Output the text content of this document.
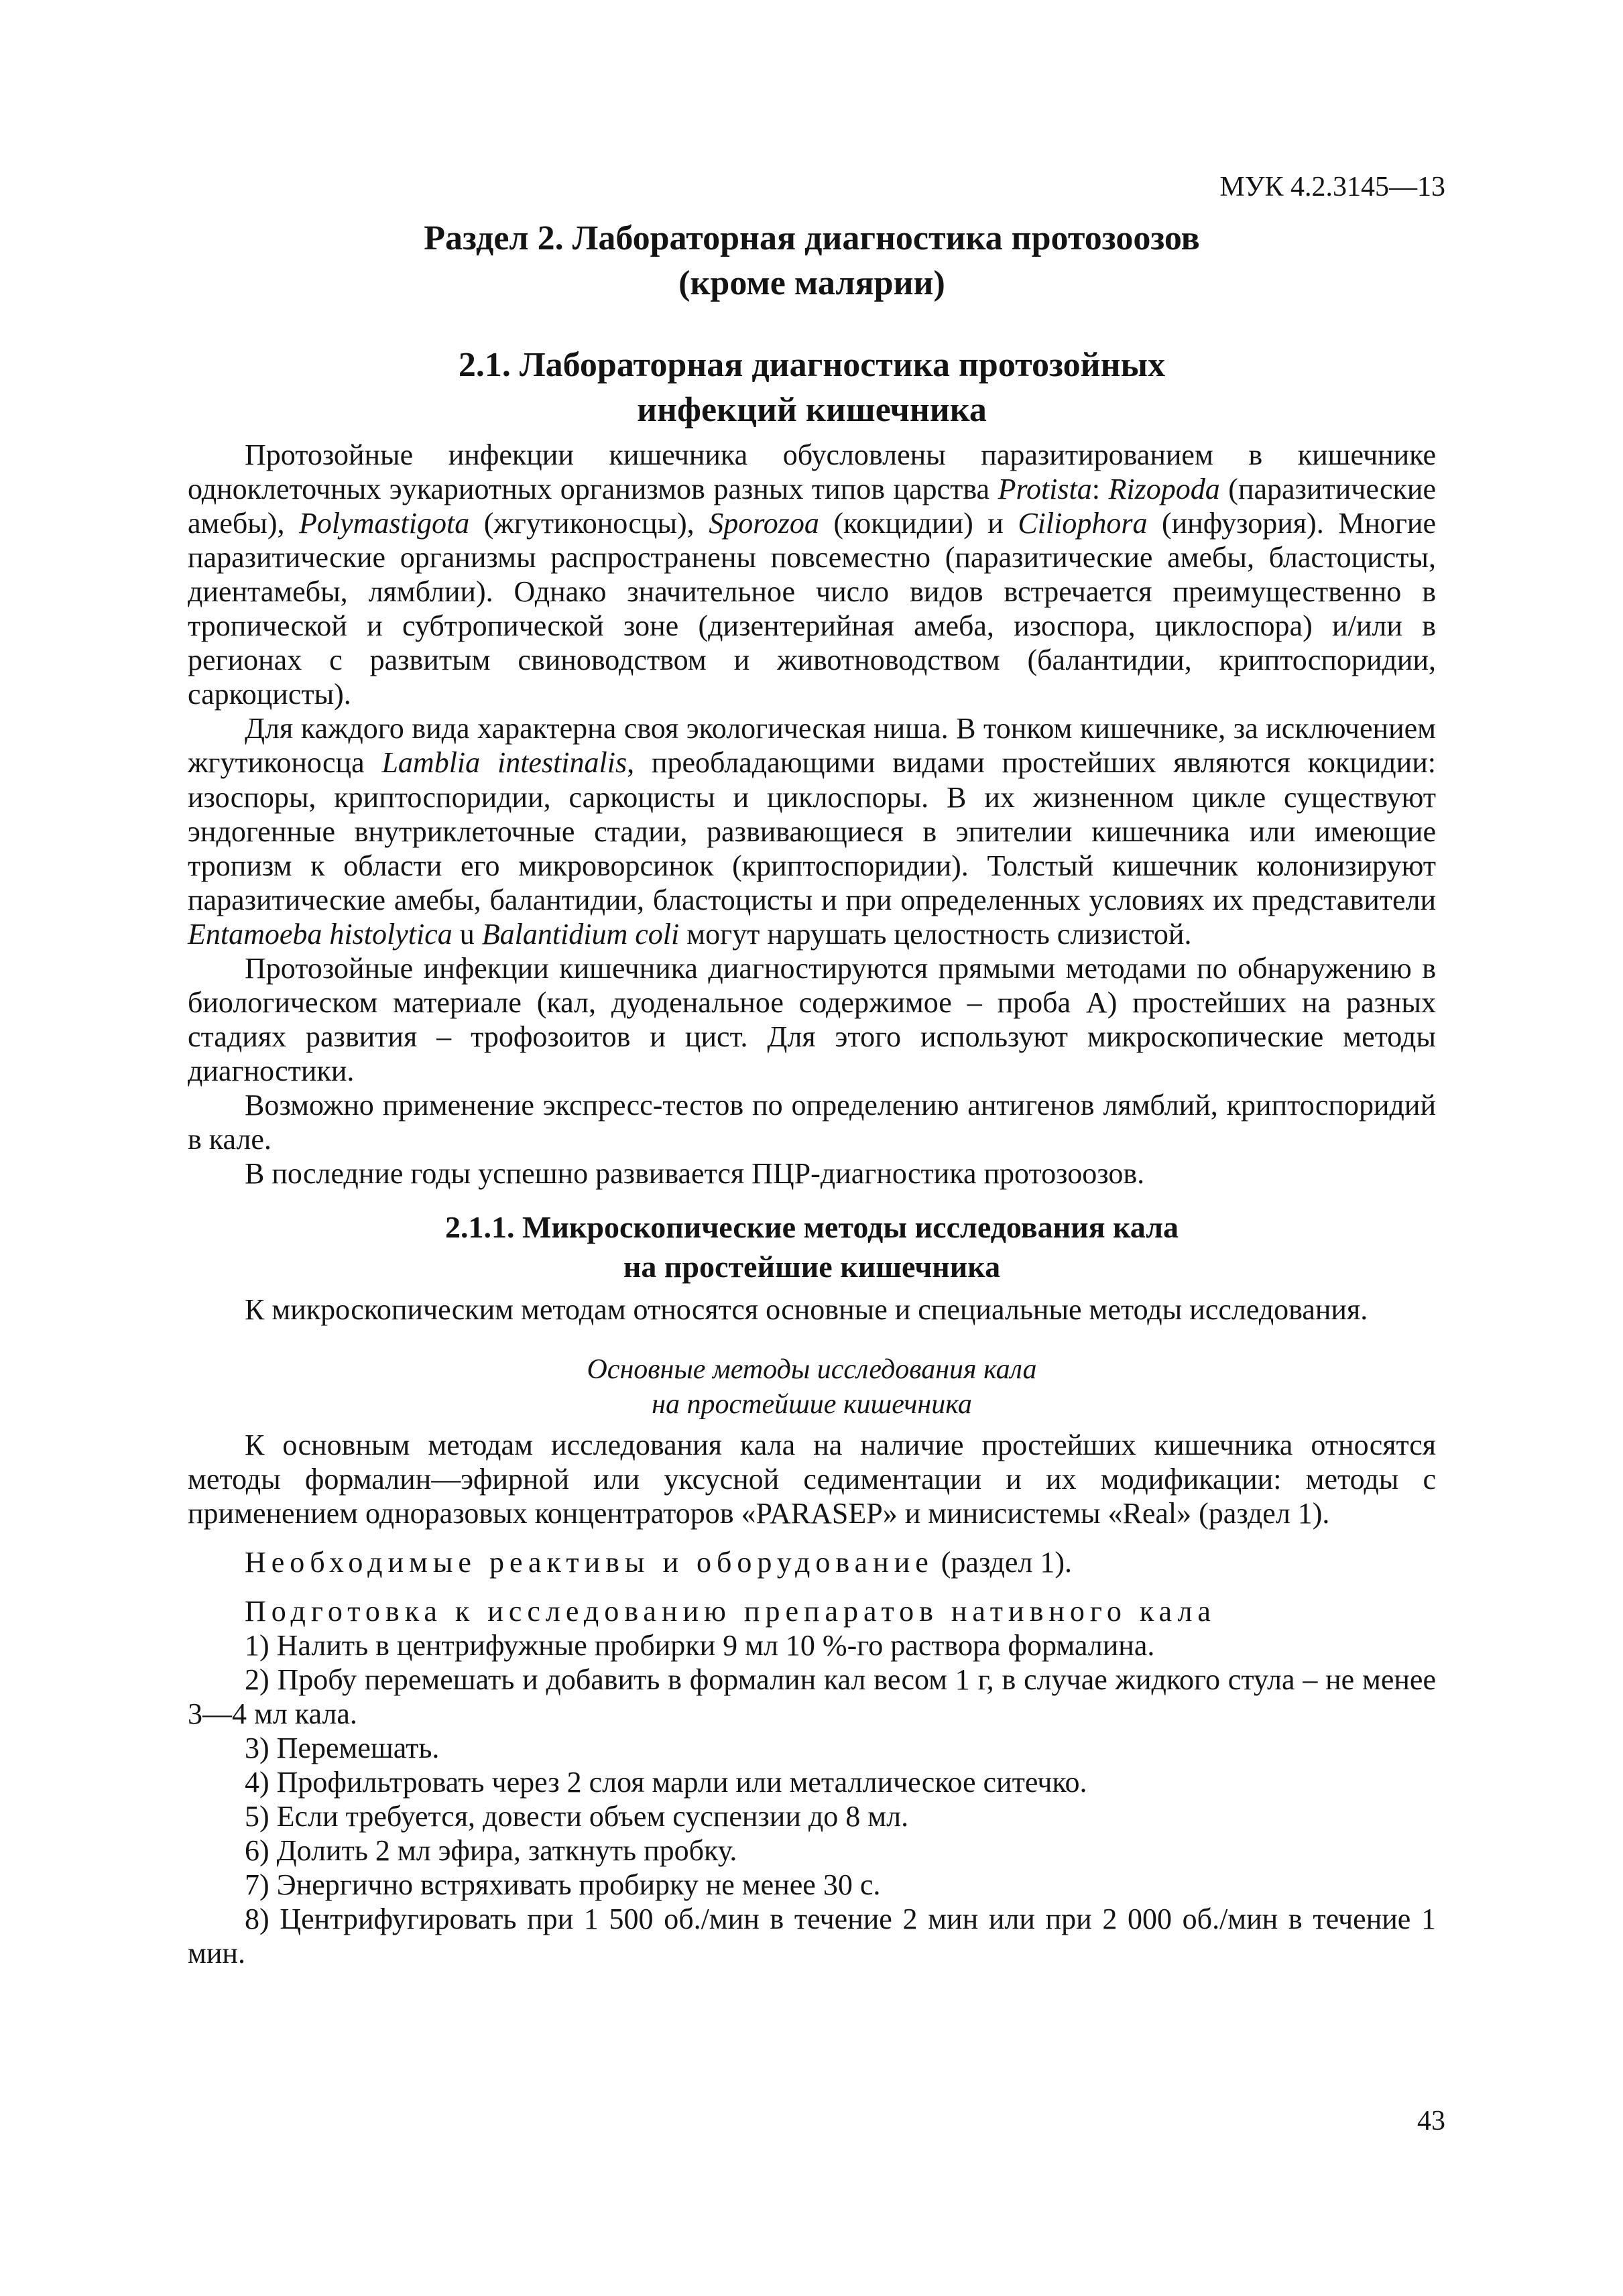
МУК 4.2.3145—13
Раздел 2. Лабораторная диагностика протозоозов
(кроме малярии)
2.1. Лабораторная диагностика протозойных
инфекций кишечника

Протозойные инфекции кишечника обусловлены паразитированием в кишечнике одноклеточных эукариотных организмов разных типов царства Protista: Rizopoda (паразитические амебы), Polymastigota (жгутиконосцы), Sporozoa (кокцидии) и Ciliophora (инфузория). Многие паразитические организмы распространены повсеместно (паразитические амебы, бластоцисты, диентамебы, лямблии). Однако значительное число видов встречается преимущественно в тропической и субтропической зоне (дизентерийная амеба, изоспора, циклоспора) и/или в регионах с развитым свиноводством и животноводством (балантидии, криптоспоридии, саркоцисты).

Для каждого вида характерна своя экологическая ниша. В тонком кишечнике, за исключением жгутиконосца Lamblia intestinalis, преобладающими видами простейших являются кокцидии: изоспоры, криптоспоридии, саркоцисты и циклоспоры. В их жизненном цикле существуют эндогенные внутриклеточные стадии, развивающиеся в эпителии кишечника или имеющие тропизм к области его микроворсинок (криптоспоридии). Толстый кишечник колонизируют паразитические амебы, балантидии, бластоцисты и при определенных условиях их представители Entamoeba histolytica u Balantidium coli могут нарушать целостность слизистой.

Протозойные инфекции кишечника диагностируются прямыми методами по обнаружению в биологическом материале (кал, дуоденальное содержимое – проба А) простейших на разных стадиях развития – трофозоитов и цист. Для этого используют микроскопические методы диагностики.

Возможно применение экспресс-тестов по определению антигенов лямблий, криптоспоридий в кале.

В последние годы успешно развивается ПЦР-диагностика протозоозов.

2.1.1. Микроскопические методы исследования кала
на простейшие кишечника

К микроскопическим методам относятся основные и специальные методы исследования.

Основные методы исследования кала
на простейшие кишечника

К основным методам исследования кала на наличие простейших кишечника относятся методы формалин—эфирной или уксусной седиментации и их модификации: методы с применением одноразовых концентраторов «PARASEP» и минисистемы «Real» (раздел 1).

Необходимые реактивы и оборудование (раздел 1).

Подготовка к исследованию препаратов нативного кала

1) Налить в центрифужные пробирки 9 мл 10 %-го раствора формалина.

2) Пробу перемешать и добавить в формалин кал весом 1 г, в случае жидкого стула – не менее 3—4 мл кала.

3) Перемешать.

4) Профильтровать через 2 слоя марли или металлическое ситечко.

5) Если требуется, довести объем суспензии до 8 мл.

6) Долить 2 мл эфира, заткнуть пробку.

7) Энергично встряхивать пробирку не менее 30 с.

8) Центрифугировать при 1 500 об./мин в течение 2 мин или при 2 000 об./мин в течение 1 мин.

43
